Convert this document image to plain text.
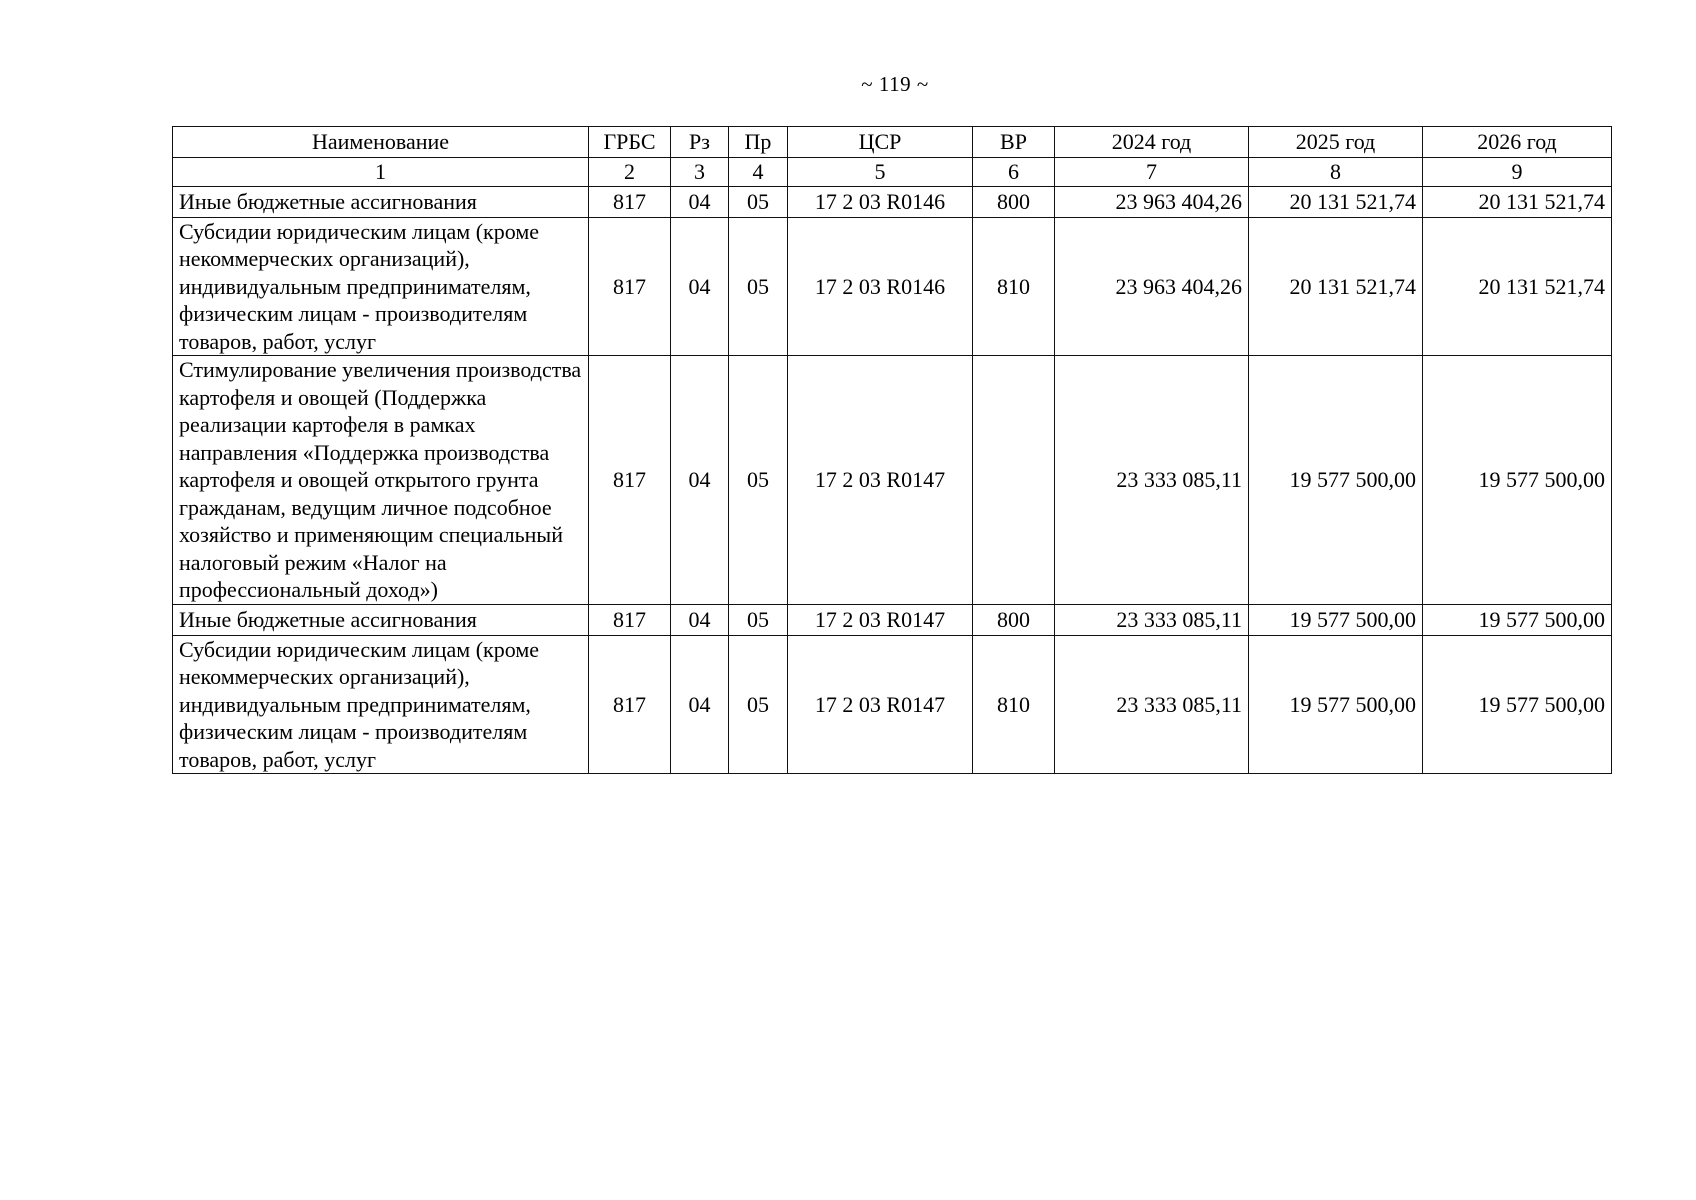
~ 119 ~
Наименование	ГРБС	Рз	Пр	ЦСР	ВР	2024 год	2025 год	2026 год
1	2	3	4	5	6	7	8	9
Иные бюджетные ассигнования	817	04	05	17 2 03 R0146	800	23 963 404,26	20 131 521,74	20 131 521,74
Субсидии юридическим лицам (кроме некоммерческих организаций), индивидуальным предпринимателям, физическим лицам - производителям товаров, работ, услуг	817	04	05	17 2 03 R0146	810	23 963 404,26	20 131 521,74	20 131 521,74
Стимулирование увеличения производства картофеля и овощей (Поддержка реализации картофеля в рамках направления «Поддержка производства картофеля и овощей открытого грунта гражданам, ведущим личное подсобное хозяйство и применяющим специальный налоговый режим «Налог на профессиональный доход»)	817	04	05	17 2 03 R0147		23 333 085,11	19 577 500,00	19 577 500,00
Иные бюджетные ассигнования	817	04	05	17 2 03 R0147	800	23 333 085,11	19 577 500,00	19 577 500,00
Субсидии юридическим лицам (кроме некоммерческих организаций), индивидуальным предпринимателям, физическим лицам - производителям товаров, работ, услуг	817	04	05	17 2 03 R0147	810	23 333 085,11	19 577 500,00	19 577 500,00
